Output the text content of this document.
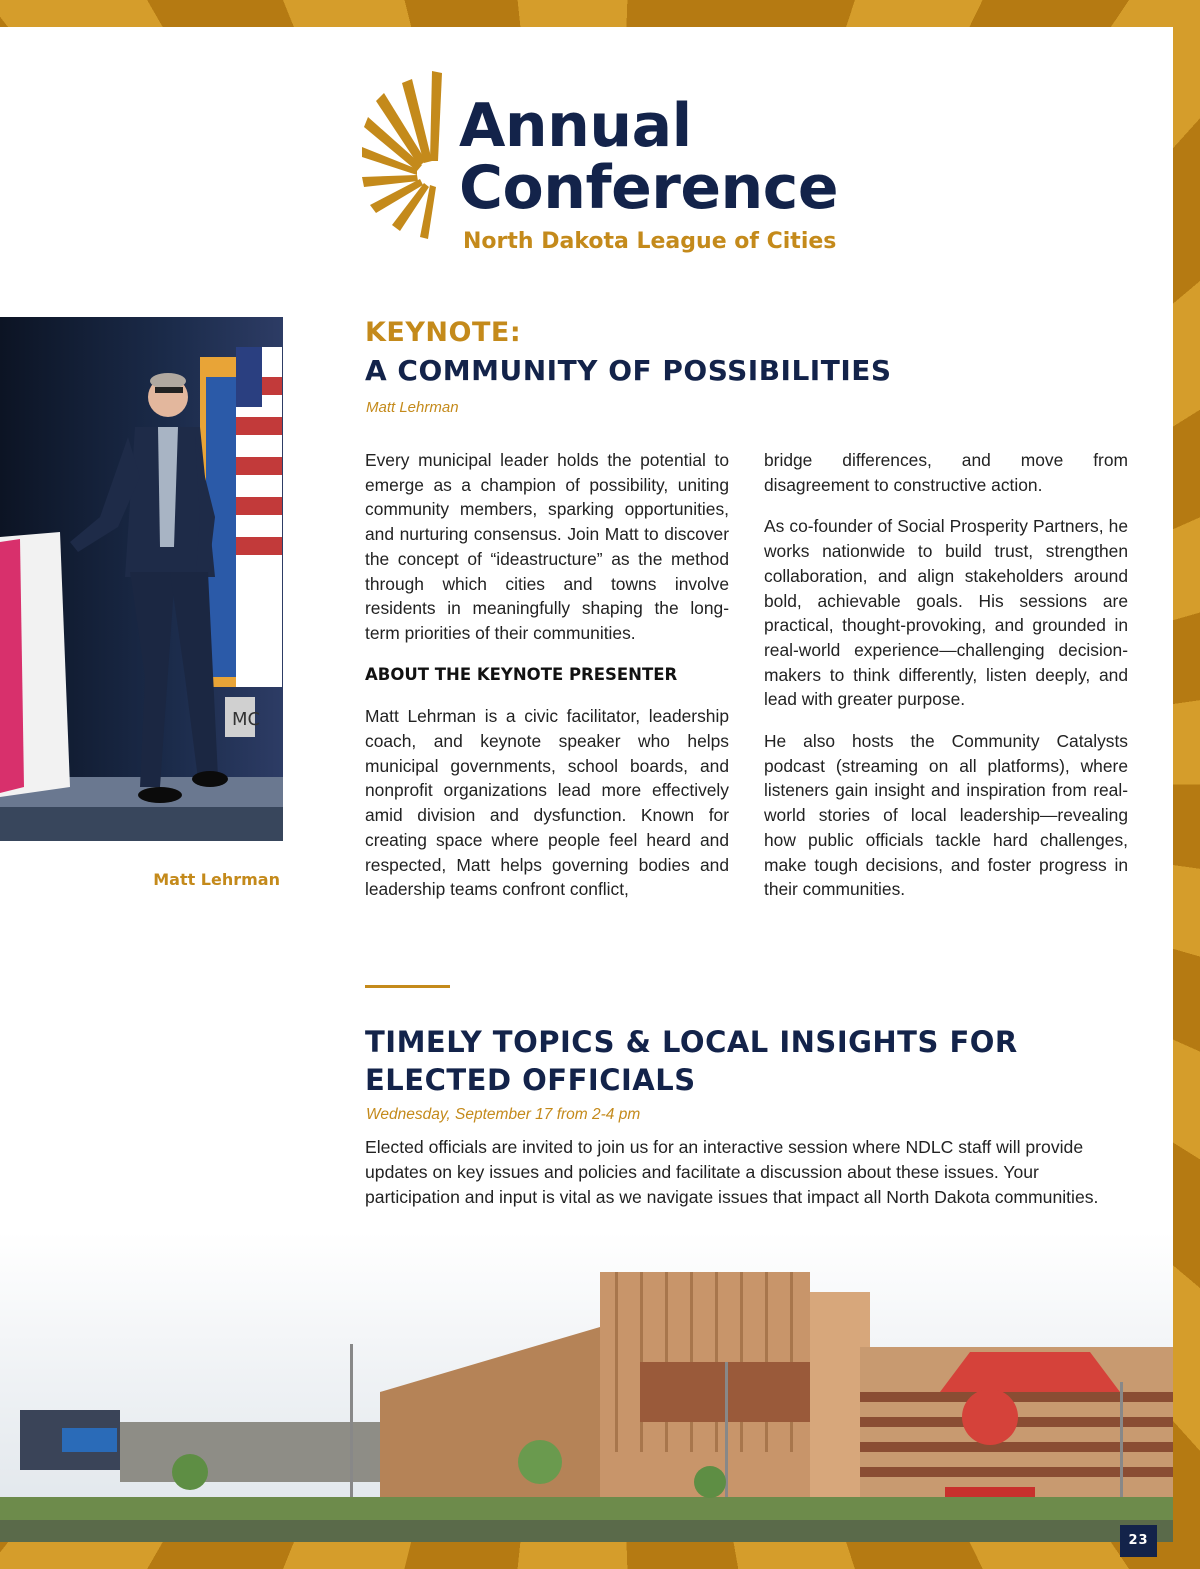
Annual
Conference
North Dakota League of Cities
MC
Matt Lehrman
KEYNOTE:
A COMMUNITY OF POSSIBILITIES
Matt Lehrman

Every municipal leader holds the potential to emerge as a champion of possibility, uniting community members, sparking opportunities, and nurturing consensus. Join Matt to discover the concept of “ideastructure” as the method through which cities and towns involve residents in meaningfully shaping the long-term priorities of their communities.

ABOUT THE KEYNOTE PRESENTER

Matt Lehrman is a civic facilitator, leadership coach, and keynote speaker who helps municipal governments, school boards, and nonprofit organizations lead more effectively amid division and dysfunction. Known for creating space where people feel heard and respected, Matt helps governing bodies and leadership teams confront conflict,

bridge differences, and move from disagreement to constructive action.

As co-founder of Social Prosperity Partners, he works nationwide to build trust, strengthen collaboration, and align stakeholders around bold, achievable goals. His sessions are practical, thought-provoking, and grounded in real-world experience—challenging decision-makers to think differently, listen deeply, and lead with greater purpose.

He also hosts the Community Catalysts podcast (streaming on all platforms), where listeners gain insight and inspiration from real-world stories of local leadership—revealing how public officials tackle hard challenges, make tough decisions, and foster progress in their communities.

TIMELY TOPICS & LOCAL INSIGHTS FOR ELECTED OFFICIALS
Wednesday, September 17 from 2-4 pm
Elected officials are invited to join us for an interactive session where NDLC staff will provide updates on key issues and policies and facilitate a discussion about these issues. Your participation and input is vital as we navigate issues that impact all North Dakota communities.
23
